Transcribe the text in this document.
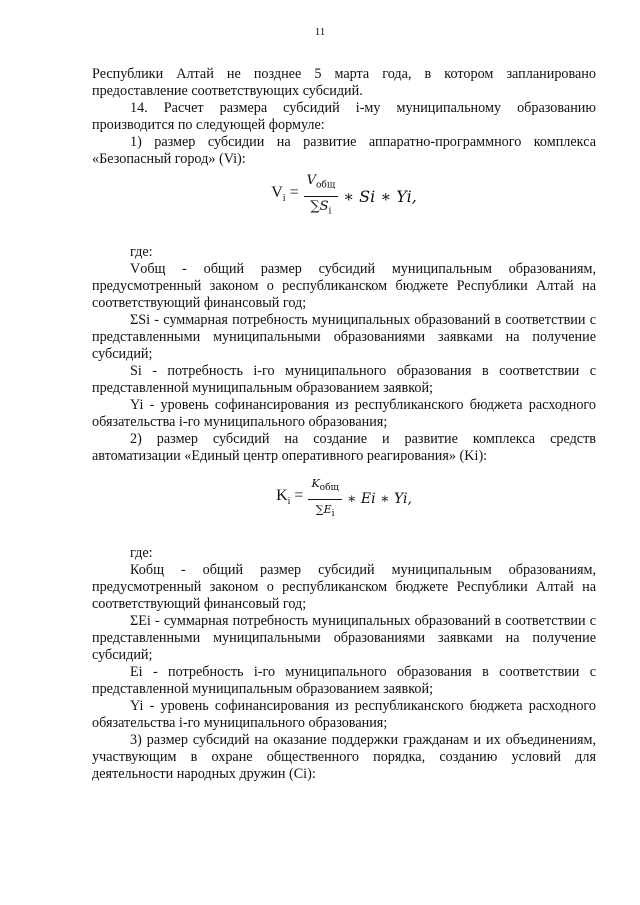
11

Республики Алтай не позднее 5 марта года, в котором запланировано предоставление соответствующих субсидий.

14. Расчет размера субсидий i-му муниципальному образованию производится по следующей формуле:

1) размер субсидии на развитие аппаратно-программного комплекса «Безопасный город» (Vi):

$V_i = \frac{V_{общ}}{\sum S_i}$ ∗ Si ∗ Yi,

где:

Vобщ - общий размер субсидий муниципальным образованиям, предусмотренный законом о республиканском бюджете Республики Алтай на соответствующий финансовый год;

ΣSi - суммарная потребность муниципальных образований в соответствии с представленными муниципальными образованиями заявками на получение субсидий;

Si - потребность i-го муниципального образования в соответствии с представленной муниципальным образованием заявкой;

Yi - уровень софинансирования из республиканского бюджета расходного обязательства i-го муниципального образования;

2) размер субсидий на создание и развитие комплекса средств автоматизации «Единый центр оперативного реагирования» (Ki):

$K_i = \frac{K_{общ}}{\sum E_i}$ ∗ Ei ∗ Yi,

где:

Кобщ - общий размер субсидий муниципальным образованиям, предусмотренный законом о республиканском бюджете Республики Алтай на соответствующий финансовый год;

ΣEi - суммарная потребность муниципальных образований в соответствии с представленными муниципальными образованиями заявками на получение субсидий;

Ei - потребность i-го муниципального образования в соответствии с представленной муниципальным образованием заявкой;

Yi - уровень софинансирования из республиканского бюджета расходного обязательства i-го муниципального образования;

3) размер субсидий на оказание поддержки гражданам и их объединениям, участвующим в охране общественного порядка, созданию условий для деятельности народных дружин (Ci):
